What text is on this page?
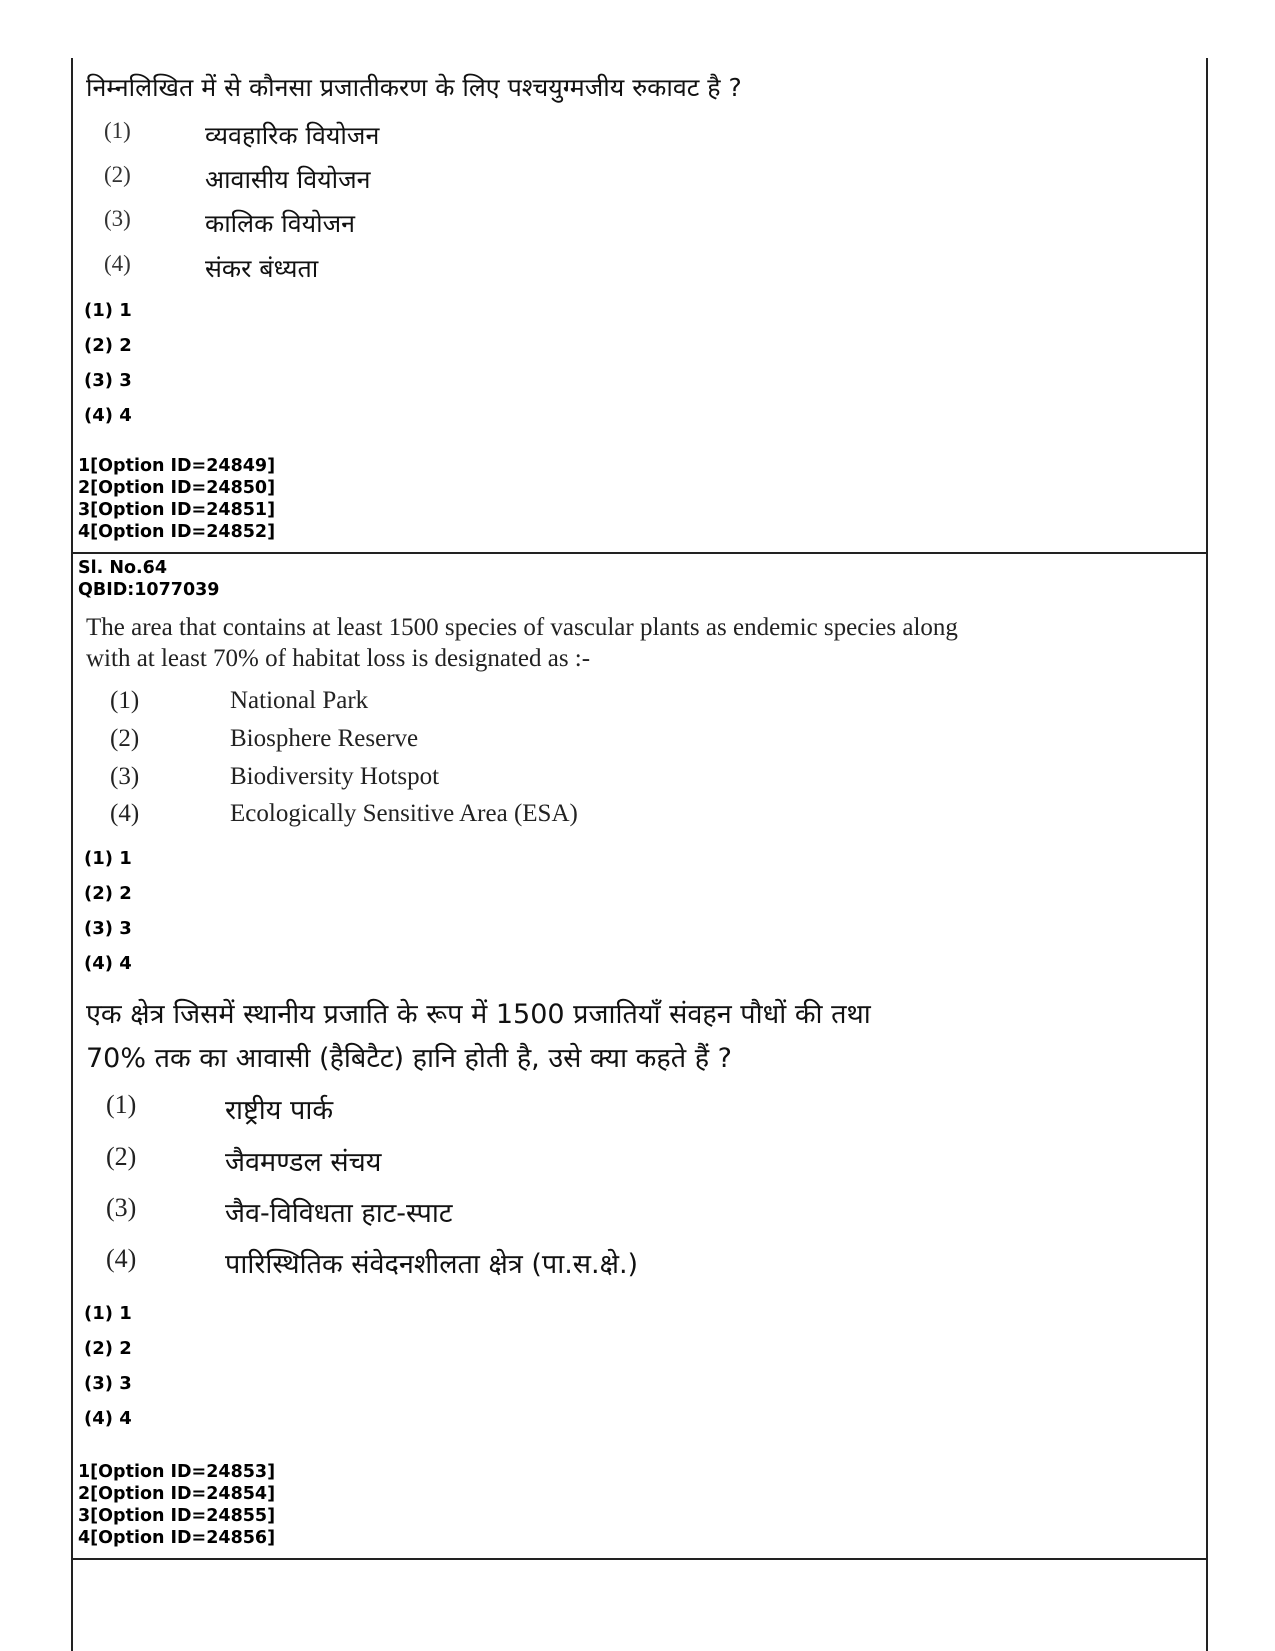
निम्नलिखित में से कौनसा प्रजातीकरण के लिए पश्चयुग्मजीय रुकावट है ?
(1)	व्यवहारिक वियोजन
(2)	आवासीय वियोजन
(3)	कालिक वियोजन
(4)	संकर बंध्यता
(1) 1
(2) 2
(3) 3
(4) 4
1[Option ID=24849]
2[Option ID=24850]
3[Option ID=24851]
4[Option ID=24852]
Sl. No.64
QBID:1077039
The area that contains at least 1500 species of vascular plants as endemic species along
with at least 70% of habitat loss is designated as :-
(1)	National Park
(2)	Biosphere Reserve
(3)	Biodiversity Hotspot
(4)	Ecologically Sensitive Area (ESA)
(1) 1
(2) 2
(3) 3
(4) 4
एक क्षेत्र जिसमें स्थानीय प्रजाति के रूप में 1500 प्रजातियाँ संवहन पौधों की तथा
70% तक का आवासी (हैबिटैट) हानि होती है, उसे क्या कहते हैं ?
(1)	राष्ट्रीय पार्क
(2)	जैवमण्डल संचय
(3)	जैव-विविधता हाट-स्पाट
(4)	पारिस्थितिक संवेदनशीलता क्षेत्र (पा.स.क्षे.)
(1) 1
(2) 2
(3) 3
(4) 4
1[Option ID=24853]
2[Option ID=24854]
3[Option ID=24855]
4[Option ID=24856]
